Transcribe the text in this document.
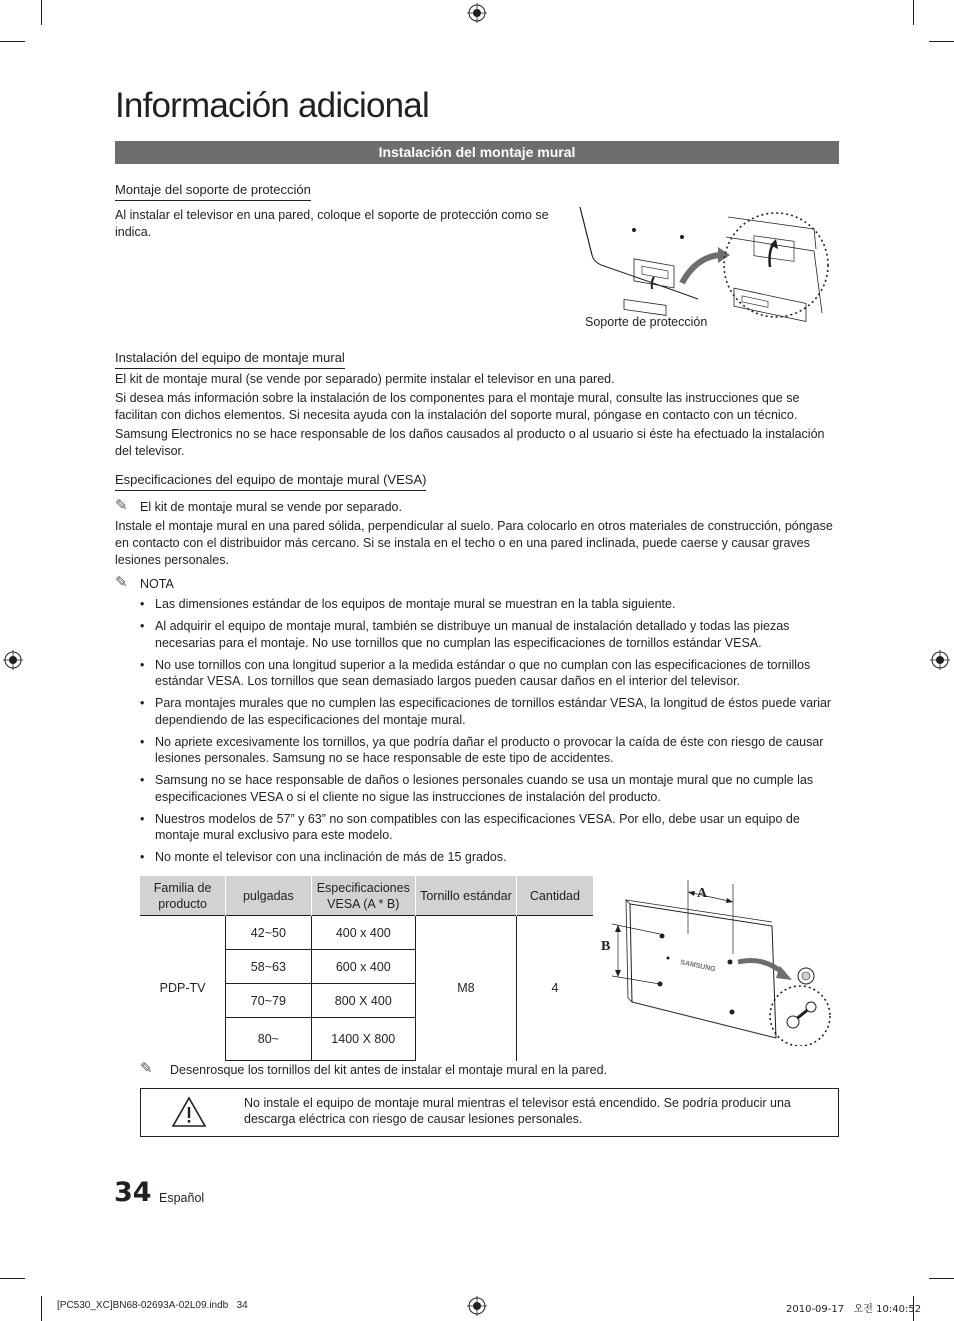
Información adicional
Instalación del montaje mural
Montaje del soporte de protección
Al instalar el televisor en una pared, coloque el soporte de protección como se indica.
Soporte de protección
Instalación del equipo de montaje mural
El kit de montaje mural (se vende por separado) permite instalar el televisor en una pared.
Si desea más información sobre la instalación de los componentes para el montaje mural, consulte las instrucciones que se facilitan con dichos elementos. Si necesita ayuda con la instalación del soporte mural, póngase en contacto con un técnico.
Samsung Electronics no se hace responsable de los daños causados al producto o al usuario si éste ha efectuado la instalación del televisor.
Especificaciones del equipo de montaje mural (VESA)
✎ El kit de montaje mural se vende por separado.
Instale el montaje mural en una pared sólida, perpendicular al suelo. Para colocarlo en otros materiales de construcción, póngase en contacto con el distribuidor más cercano. Si se instala en el techo o en una pared inclinada, puede caerse y causar graves lesiones personales.
✎ NOTA
• Las dimensiones estándar de los equipos de montaje mural se muestran en la tabla siguiente.
• Al adquirir el equipo de montaje mural, también se distribuye un manual de instalación detallado y todas las piezas necesarias para el montaje. No use tornillos que no cumplan las especificaciones de tornillos estándar VESA.
• No use tornillos con una longitud superior a la medida estándar o que no cumplan con las especificaciones de tornillos estándar VESA. Los tornillos que sean demasiado largos pueden causar daños en el interior del televisor.
• Para montajes murales que no cumplen las especificaciones de tornillos estándar VESA, la longitud de éstos puede variar dependiendo de las especificaciones del montaje mural.
• No apriete excesivamente los tornillos, ya que podría dañar el producto o provocar la caída de éste con riesgo de causar lesiones personales. Samsung no se hace responsable de este tipo de accidentes.
• Samsung no se hace responsable de daños o lesiones personales cuando se usa un montaje mural que no cumple las especificaciones VESA o si el cliente no sigue las instrucciones de instalación del producto.
• Nuestros modelos de 57” y 63” no son compatibles con las especificaciones VESA. Por ello, debe usar un equipo de montaje mural exclusivo para este modelo.
• No monte el televisor con una inclinación de más de 15 grados.
Familia de producto	pulgadas	Especificaciones VESA (A * B)	Tornillo estándar	Cantidad
PDP-TV	42~50	400 x 400	M8	4
	58~63	600 x 400		
	70~79	800 X 400		
	80~	1400 X 800		
A
B
SAMSUNG
✎ Desenrosque los tornillos del kit antes de instalar el montaje mural en la pared.
No instale el equipo de montaje mural mientras el televisor está encendido. Se podría producir una descarga eléctrica con riesgo de causar lesiones personales.
34 Español
[PC530_XC]BN68-02693A-02L09.indb   34	2010-09-17   오전 10:40:52
